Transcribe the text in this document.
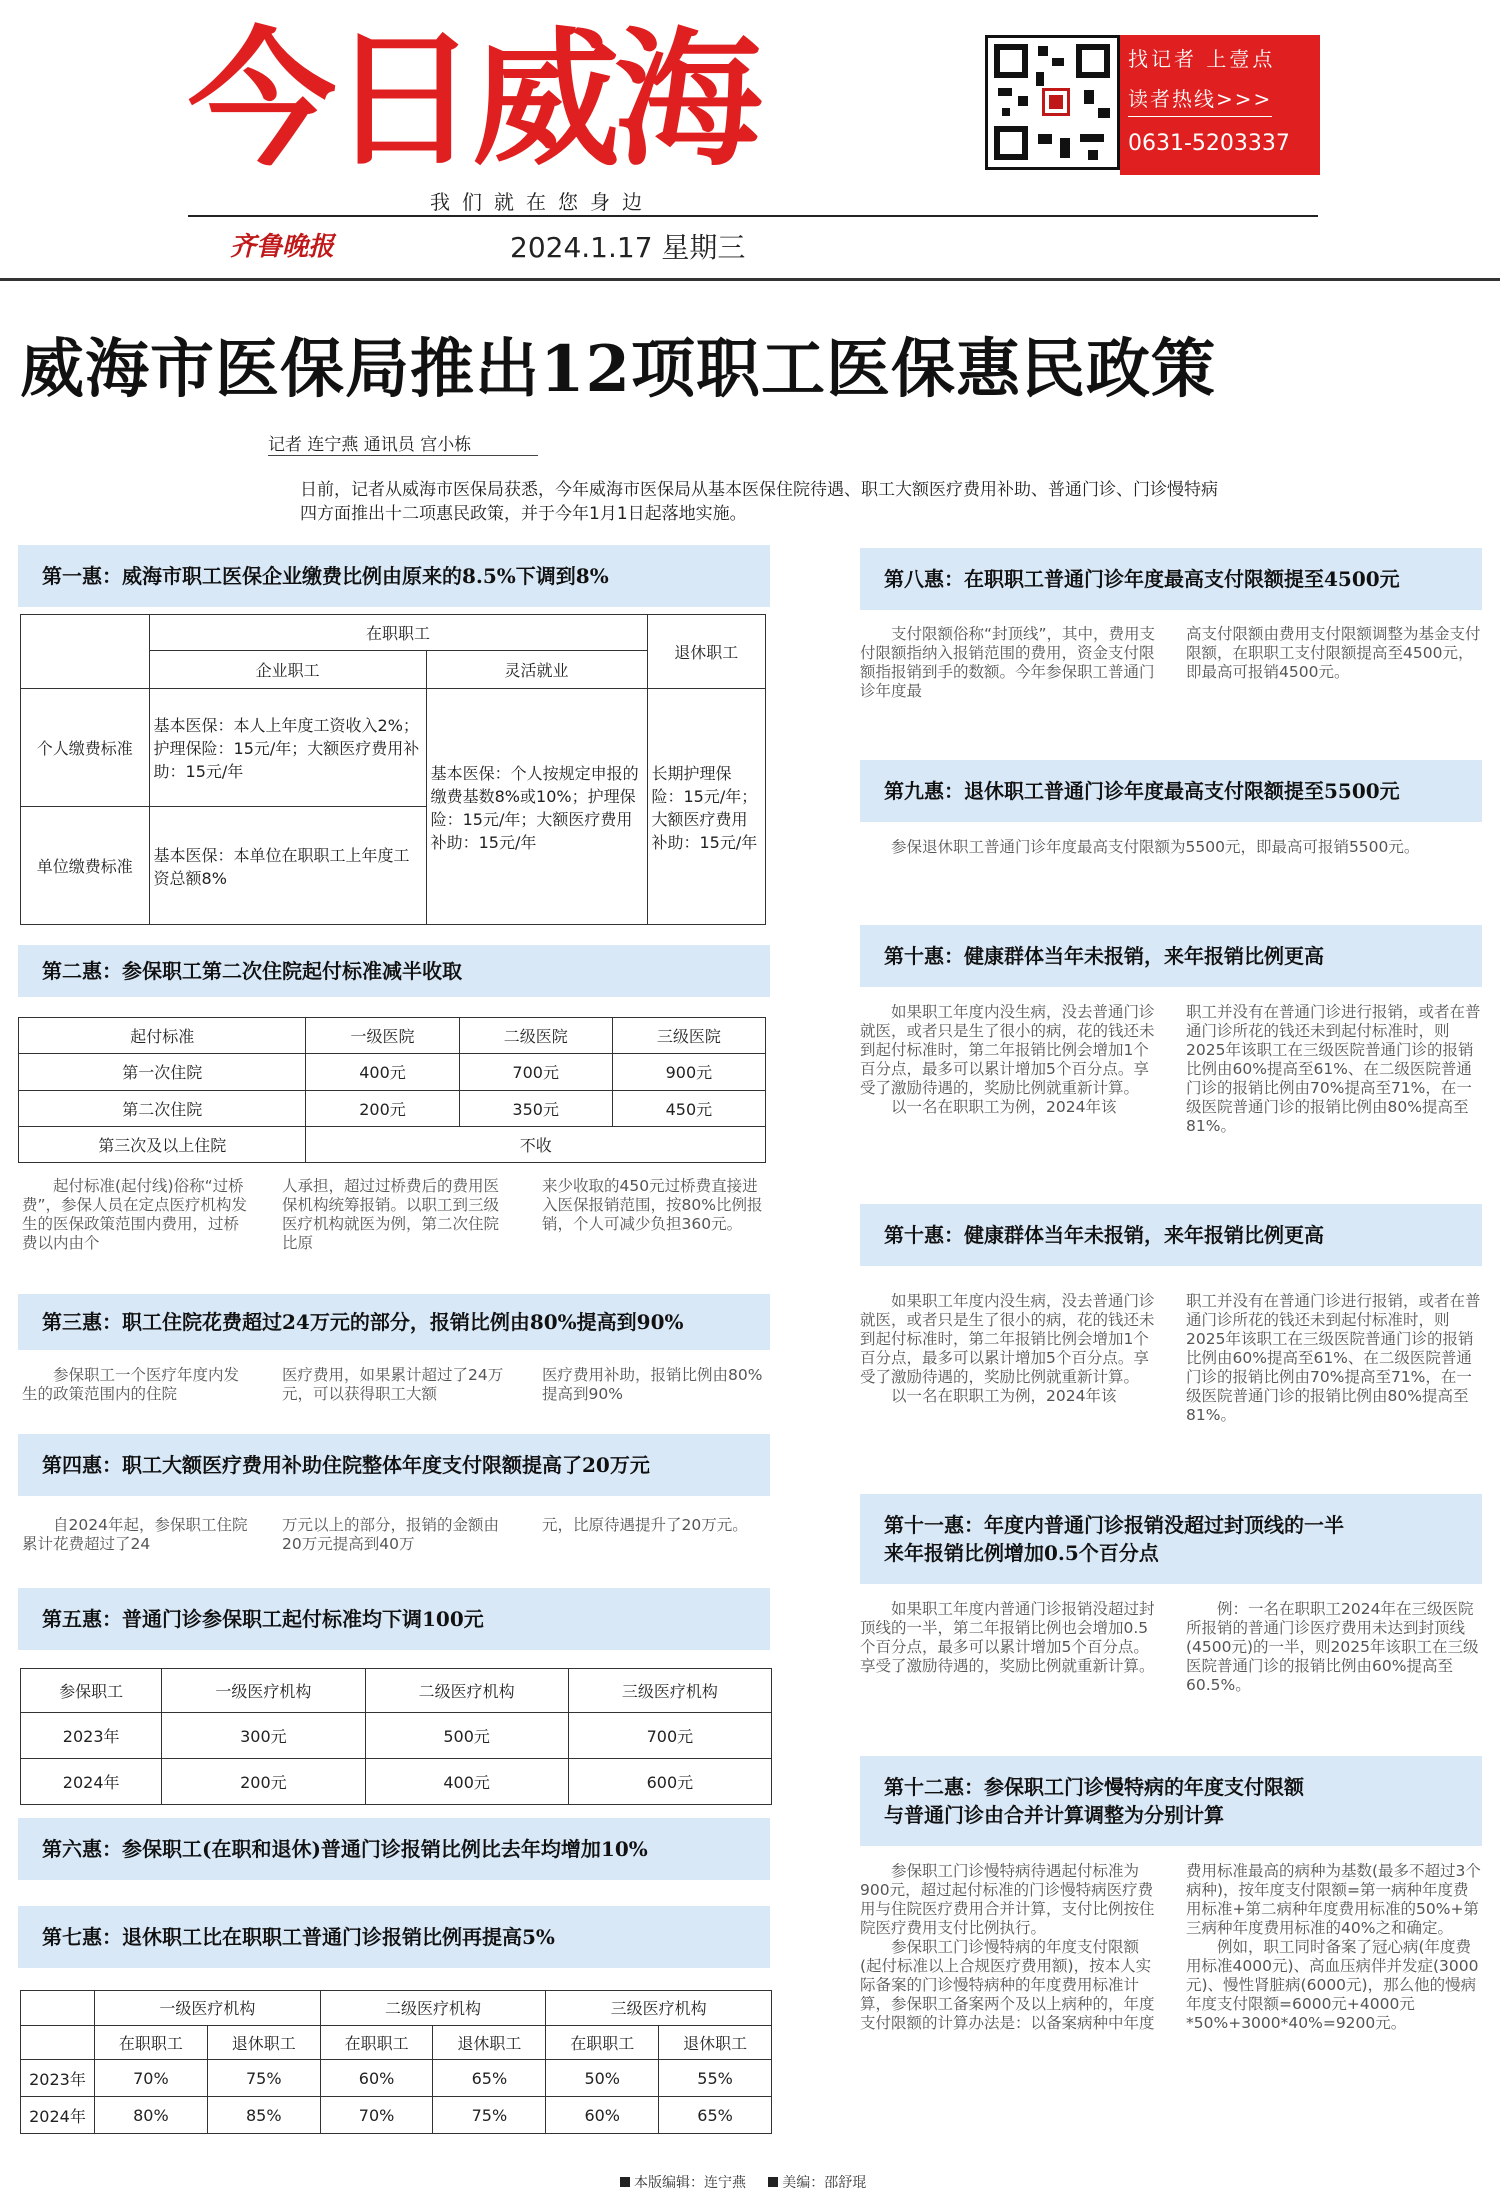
今日威海	找记者 上壹点
读者热线>>>
0631-5203337
我们就在您身边
齐鲁晚报	2024.1.17 星期三
威海市医保局推出12项职工医保惠民政策
记者 连宁燕 通讯员 宫小栋
日前，记者从威海市医保局获悉，今年威海市医保局从基本医保住院待遇、职工大额医疗费用补助、普通门诊、门诊慢特病四方面推出十二项惠民政策，并于今年1月1日起落地实施。
第一惠：威海市职工医保企业缴费比例由原来的8.5%下调到8%
	在职职工		退休职工
	企业职工	灵活就业	
个人缴费标准	基本医保：本人上年度工资收入2%；护理保险：15元/年；大额医疗费用补助：15元/年	基本医保：个人按规定申报的缴费基数8%或10%；护理保险：15元/年；大额医疗费用补助：15元/年	长期护理保险：15元/年；大额医疗费用补助：15元/年
单位缴费标准	基本医保：本单位在职职工上年度工资总额8%		
第二惠：参保职工第二次住院起付标准减半收取
起付标准	一级医院	二级医院	三级医院
第一次住院	400元	700元	900元
第二次住院	200元	350元	450元
第三次及以上住院	不收		
起付标准(起付线)俗称“过桥费”，参保人员在定点医疗机构发生的医保政策范围内费用，过桥费以内由个
人承担，超过过桥费后的费用医保机构统筹报销。以职工到三级医疗机构就医为例，第二次住院比原
来少收取的450元过桥费直接进入医保报销范围，按80%比例报销，个人可减少负担360元。
第三惠：职工住院花费超过24万元的部分，报销比例由80%提高到90%
参保职工一个医疗年度内发生的政策范围内的住院
医疗费用，如果累计超过了24万元，可以获得职工大额
医疗费用补助，报销比例由80%提高到90%
第四惠：职工大额医疗费用补助住院整体年度支付限额提高了20万元
自2024年起，参保职工住院累计花费超过了24
万元以上的部分，报销的金额由20万元提高到40万
元，比原待遇提升了20万元。
第五惠：普通门诊参保职工起付标准均下调100元
参保职工	一级医疗机构	二级医疗机构	三级医疗机构
2023年	300元	500元	700元
2024年	200元	400元	600元
第六惠：参保职工(在职和退休)普通门诊报销比例比去年均增加10%
第七惠：退休职工比在职职工普通门诊报销比例再提高5%
	一级医疗机构		二级医疗机构		三级医疗机构	
	在职职工	退休职工	在职职工	退休职工	在职职工	退休职工
2023年	70%	75%	60%	65%	50%	55%
2024年	80%	85%	70%	75%	60%	65%
第八惠：在职职工普通门诊年度最高支付限额提至4500元
支付限额俗称“封顶线”，其中，费用支付限额指纳入报销范围的费用，资金支付限额指报销到手的数额。今年参保职工普通门诊年度最
高支付限额由费用支付限额调整为基金支付限额，在职职工支付限额提高至4500元，即最高可报销4500元。
第九惠：退休职工普通门诊年度最高支付限额提至5500元
参保退休职工普通门诊年度最高支付限额为5500元，即最高可报销5500元。
第十惠：健康群体当年未报销，来年报销比例更高
如果职工年度内没生病，没去普通门诊就医，或者只是生了很小的病，花的钱还未到起付标准时，第二年报销比例会增加1个百分点，最多可以累计增加5个百分点。享受了激励待遇的，奖励比例就重新计算。
以一名在职职工为例，2024年该
职工并没有在普通门诊进行报销，或者在普通门诊所花的钱还未到起付标准时，则2025年该职工在三级医院普通门诊的报销比例由60%提高至61%、在二级医院普通门诊的报销比例由70%提高至71%，在一级医院普通门诊的报销比例由80%提高至81%。
第十惠：健康群体当年未报销，来年报销比例更高
如果职工年度内没生病，没去普通门诊就医，或者只是生了很小的病，花的钱还未到起付标准时，第二年报销比例会增加1个百分点，最多可以累计增加5个百分点。享受了激励待遇的，奖励比例就重新计算。
以一名在职职工为例，2024年该
职工并没有在普通门诊进行报销，或者在普通门诊所花的钱还未到起付标准时，则2025年该职工在三级医院普通门诊的报销比例由60%提高至61%、在二级医院普通门诊的报销比例由70%提高至71%，在一级医院普通门诊的报销比例由80%提高至81%。
第十一惠：年度内普通门诊报销没超过封顶线的一半
来年报销比例增加0.5个百分点
如果职工年度内普通门诊报销没超过封顶线的一半，第二年报销比例也会增加0.5个百分点，最多可以累计增加5个百分点。享受了激励待遇的，奖励比例就重新计算。
例：一名在职职工2024年在三级医院所报销的普通门诊医疗费用未达到封顶线(4500元)的一半，则2025年该职工在三级医院普通门诊的报销比例由60%提高至60.5%。
第十二惠：参保职工门诊慢特病的年度支付限额
与普通门诊由合并计算调整为分别计算

参保职工门诊慢特病待遇起付标准为900元，超过起付标准的门诊慢特病医疗费用与住院医疗费用合并计算，支付比例按住院医疗费用支付比例执行。

参保职工门诊慢特病的年度支付限额(起付标准以上合规医疗费用额)，按本人实际备案的门诊慢特病种的年度费用标准计算，参保职工备案两个及以上病种的，年度支付限额的计算办法是：以备案病种中年度

费用标准最高的病种为基数(最多不超过3个病种)，按年度支付限额=第一病种年度费用标准+第二病种年度费用标准的50%+第三病种年度费用标准的40%之和确定。

例如，职工同时备案了冠心病(年度费用标准4000元)、高血压病伴并发症(3000元)、慢性肾脏病(6000元)，那么他的慢病年度支付限额=6000元+4000元*50%+3000*40%=9200元。

本版编辑：连宁燕	美编：邵舒琨
